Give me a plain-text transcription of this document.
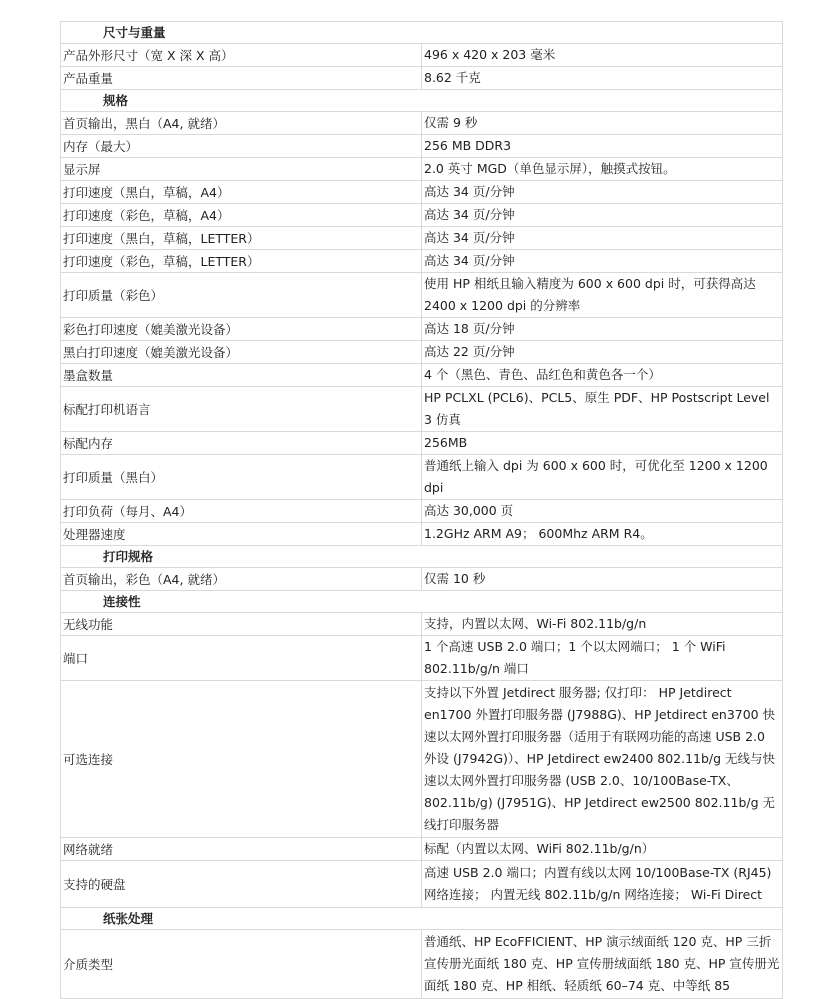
尺寸与重量	
产品外形尺寸（宽 X 深 X 高）	496 x 420 x 203 毫米
产品重量	8.62 千克
规格	
首页输出，黑白（A4, 就绪）	仅需 9 秒
内存（最大）	256 MB DDR3
显示屏	2.0 英寸 MGD（单色显示屏），触摸式按钮。
打印速度（黑白，草稿，A4）	高达 34 页/分钟
打印速度（彩色，草稿，A4）	高达 34 页/分钟
打印速度（黑白，草稿，LETTER）	高达 34 页/分钟
打印速度（彩色，草稿，LETTER）	高达 34 页/分钟
打印质量（彩色）	使用 HP 相纸且输入精度为 600 x 600 dpi 时，可获得高达 2400 x 1200 dpi 的分辨率
彩色打印速度（媲美激光设备）	高达 18 页/分钟
黑白打印速度（媲美激光设备）	高达 22 页/分钟
墨盒数量	4 个（黑色、青色、品红色和黄色各一个）
标配打印机语言	HP PCLXL (PCL6)、PCL5、原生 PDF、HP Postscript Level 3 仿真
标配内存	256MB
打印质量（黑白）	普通纸上输入 dpi 为 600 x 600 时，可优化至 1200 x 1200 dpi
打印负荷（每月、A4）	高达 30,000 页
处理器速度	1.2GHz ARM A9； 600Mhz ARM R4。
打印规格	
首页输出，彩色（A4, 就绪）	仅需 10 秒
连接性	
无线功能	支持，内置以太网、Wi-Fi 802.11b/g/n
端口	1 个高速 USB 2.0 端口；1 个以太网端口； 1 个 WiFi 802.11b/g/n 端口
可选连接	支持以下外置 Jetdirect 服务器; 仅打印： HP Jetdirect en1700 外置打印服务器 (J7988G)、HP Jetdirect en3700 快速以太网外置打印服务器（适用于有联网功能的高速 USB 2.0 外设 (J7942G)）、HP Jetdirect ew2400 802.11b/g 无线与快速以太网外置打印服务器 (USB 2.0、10/100Base-TX、802.11b/g) (J7951G)、HP Jetdirect ew2500 802.11b/g 无线打印服务器
网络就绪	标配（内置以太网、WiFi 802.11b/g/n）
支持的硬盘	高速 USB 2.0 端口；内置有线以太网 10/100Base-TX (RJ45) 网络连接； 内置无线 802.11b/g/n 网络连接； Wi-Fi Direct
纸张处理	
介质类型	普通纸、HP EcoFFICIENT、HP 演示绒面纸 120 克、HP 三折宣传册光面纸 180 克、HP 宣传册绒面纸 180 克、HP 宣传册光面纸 180 克、HP 相纸、轻质纸 60–74 克、中等纸 85
